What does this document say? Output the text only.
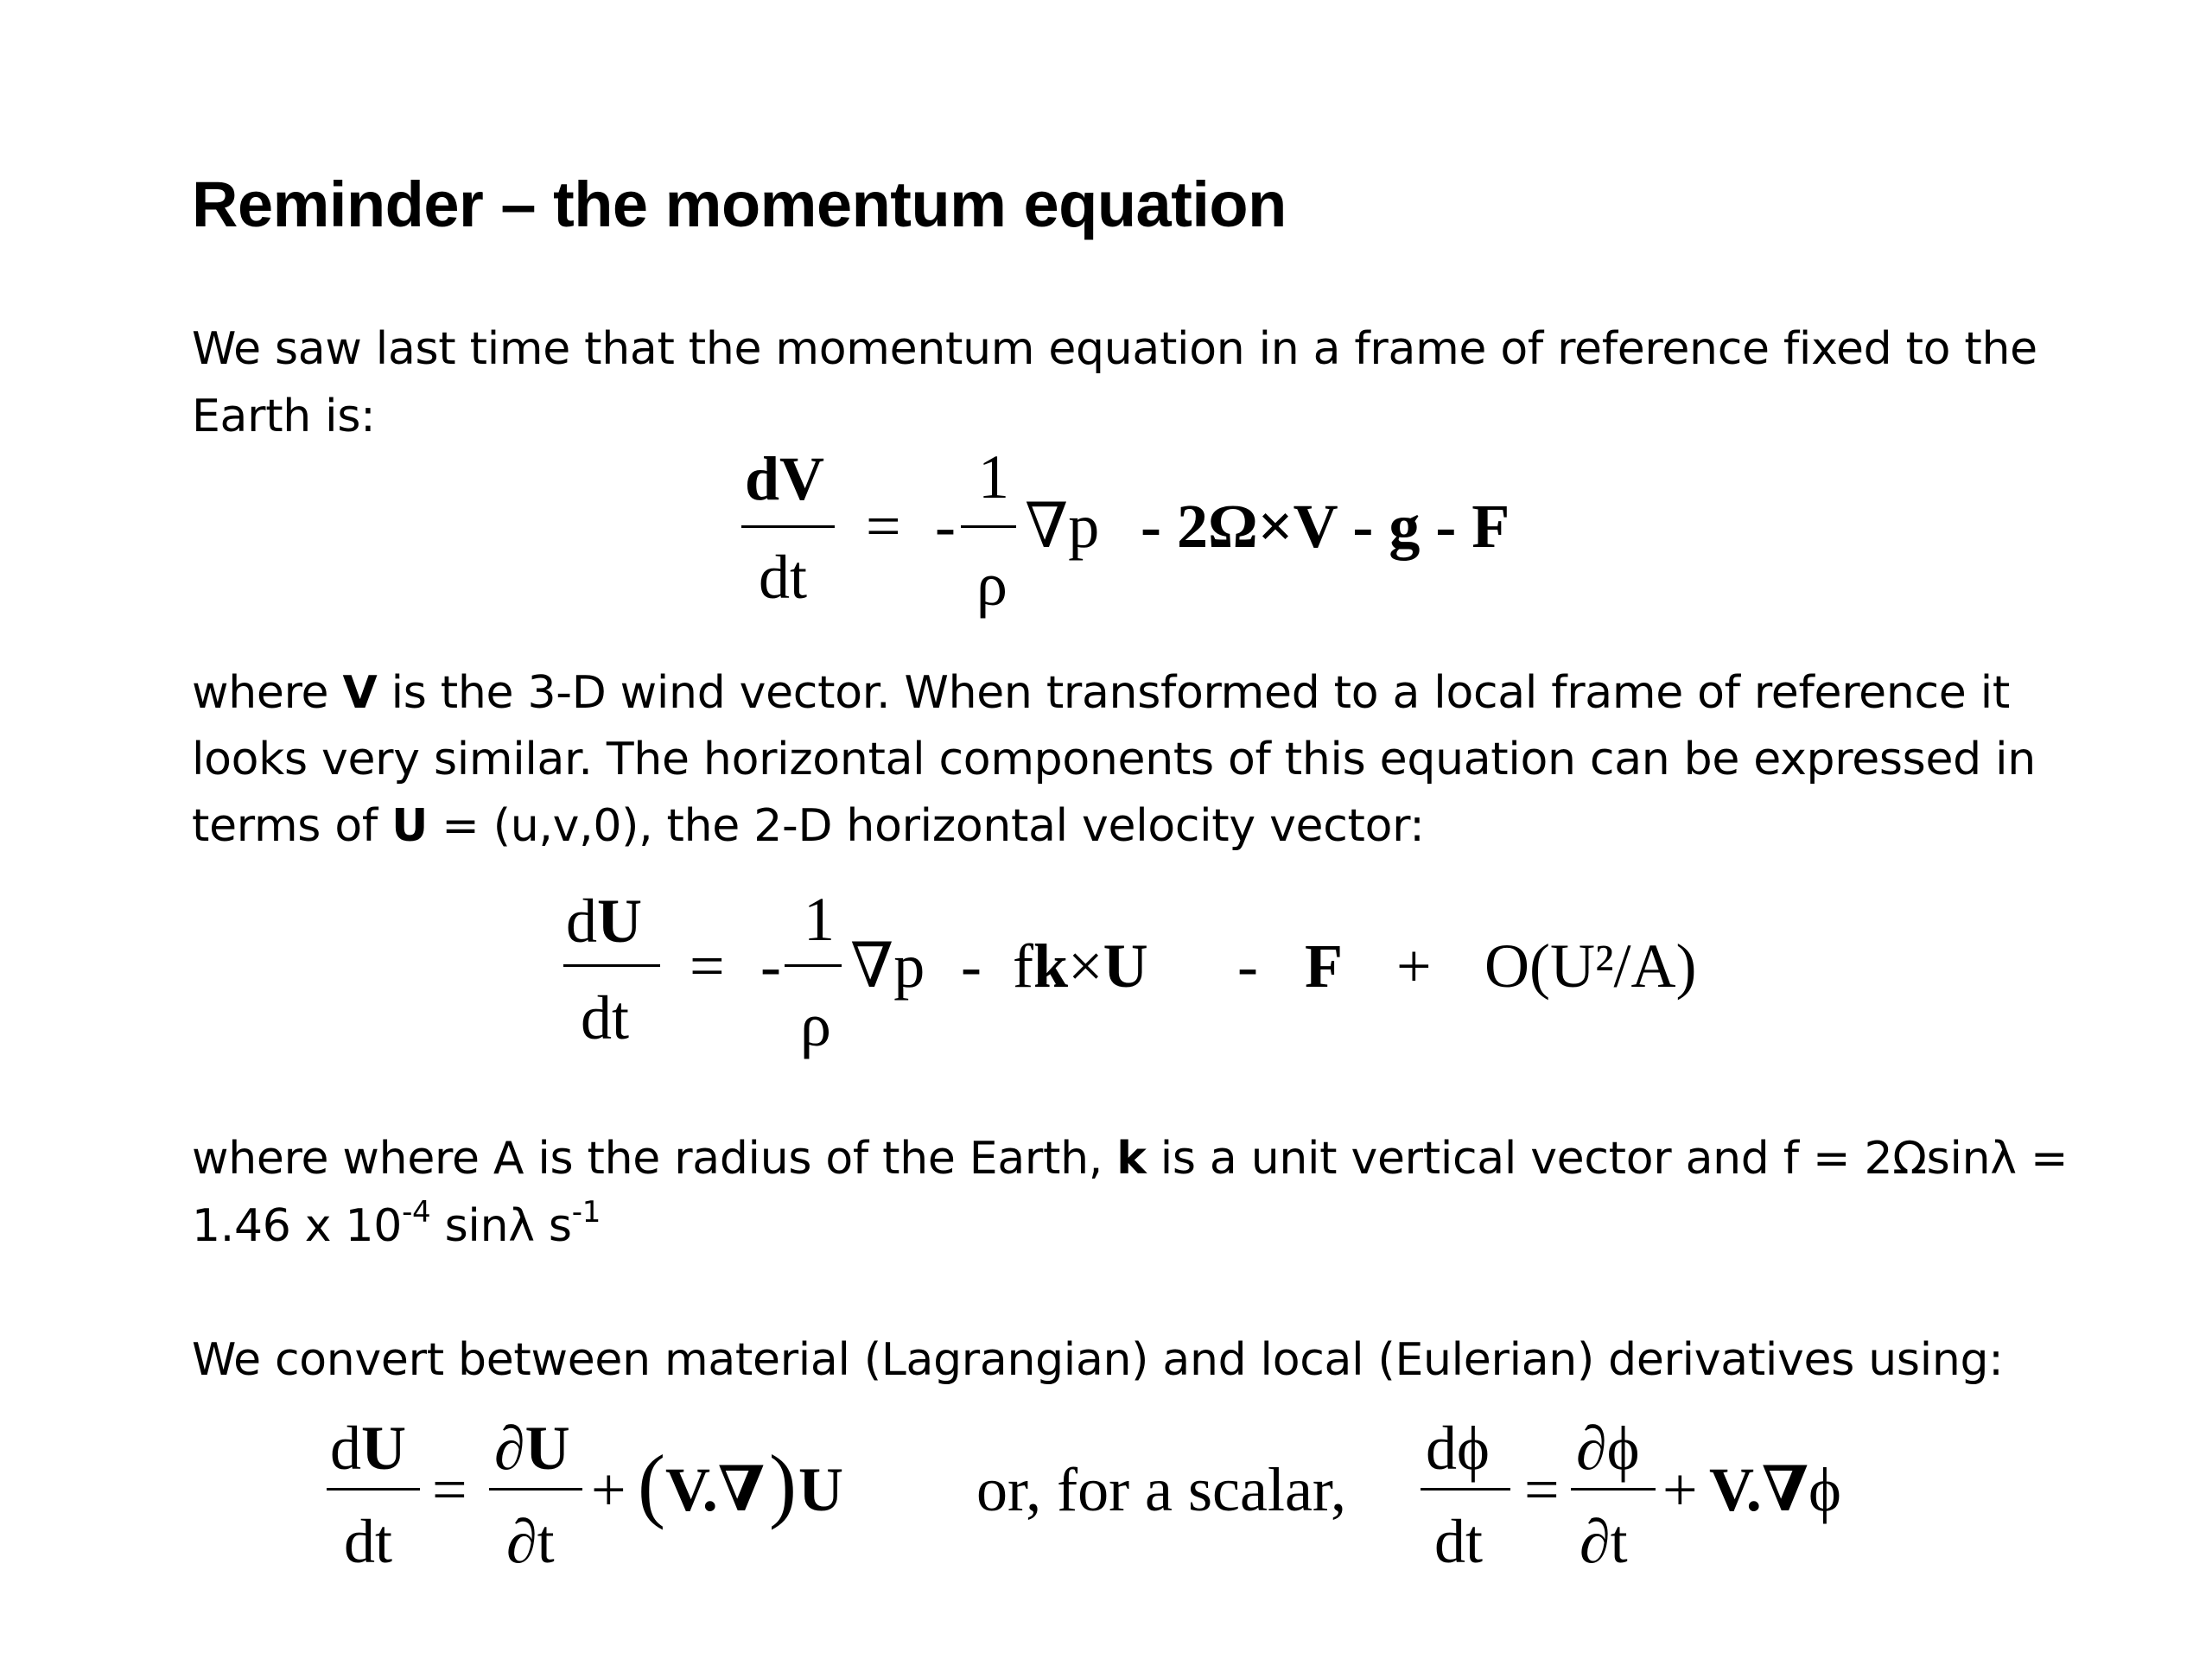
Reminder – the momentum equation
We saw last time that the momentum equation in a frame of reference fixed to the
Earth is:
dV
dt
= -
1
ρ
∇p - 2Ω×V - g - F
where V is the 3-D wind vector. When transformed to a local frame of reference it
looks very similar. The horizontal components of this equation can be expressed in
terms of U = (u,v,0), the 2-D horizontal velocity vector:
dU
dt
= -
1
ρ
∇p -  fk×U -   F + O(U²/A)
where where A is the radius of the Earth, k is a unit vertical vector and f = 2Ωsinλ =
1.46 x $10^{-4}$ sinλ $s^{-1}$
We convert between material (Lagrangian) and local (Eulerian) derivatives using:
dU
dt
=
∂U
∂t
+ ( V.∇ ) U or, for a scalar,
dϕ
dt
=
∂ϕ
∂t
+ V.∇ϕ
